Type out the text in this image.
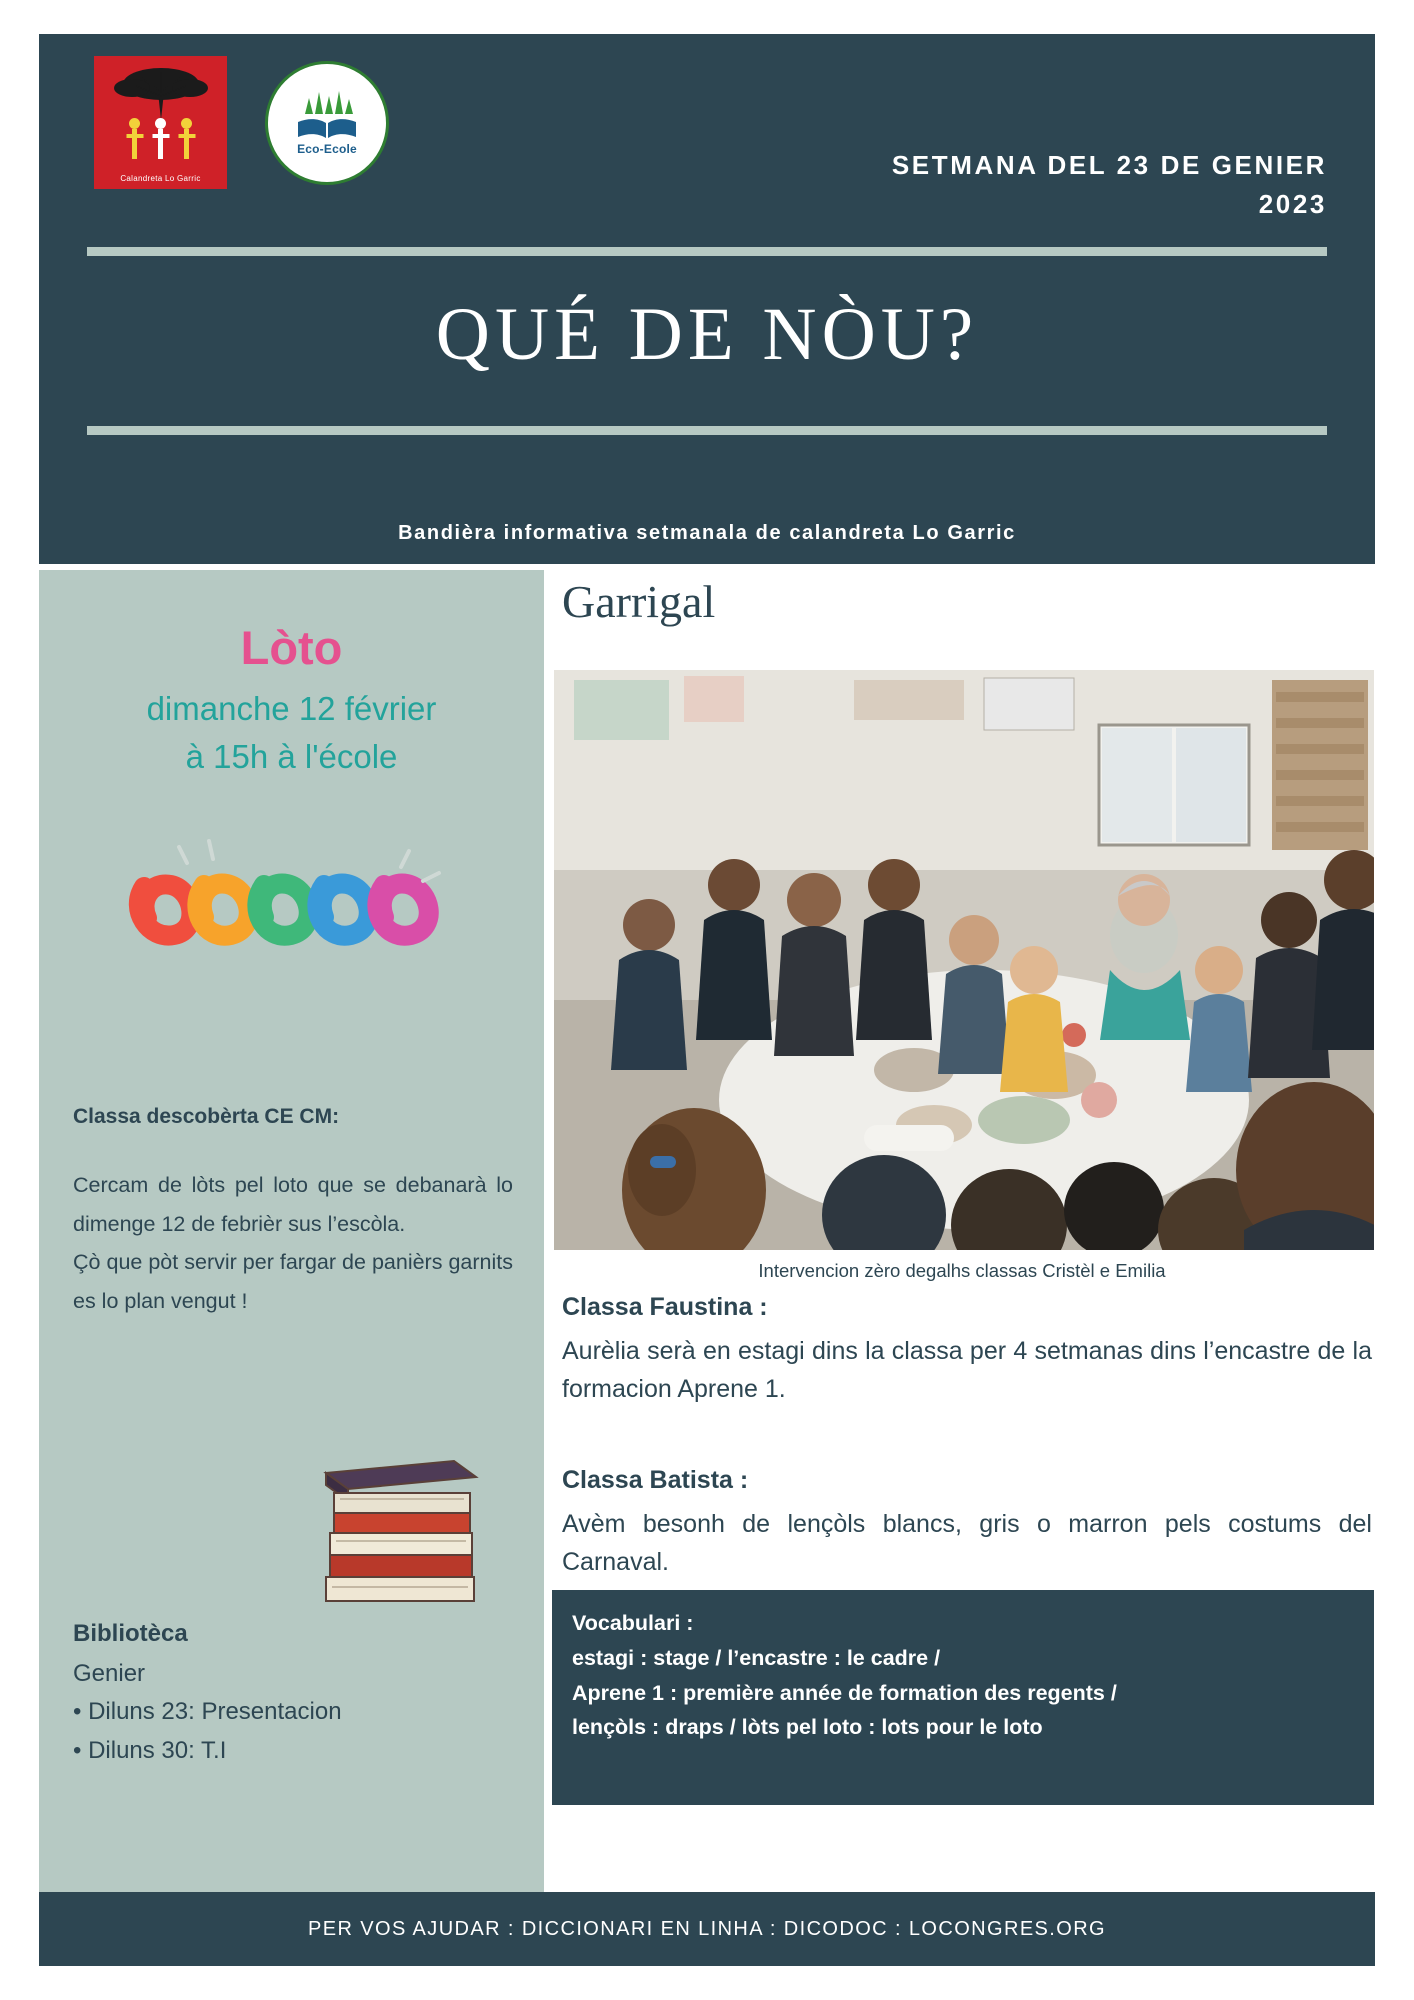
Calandreta Lo Garric
Eco-Ecole
SETMANA DEL 23 DE GENIER
2023
QUÉ DE NÒU?
Bandièra informativa setmanala de calandreta Lo Garric
Lòto
dimanche 12 février
à 15h à l'école
Classa descobèrta CE CM:
Cercam de lòts pel loto que se debanarà lo dimenge 12 de febrièr sus l’escòla.
Çò que pòt servir per fargar de panièrs garnits es lo plan vengut !
Bibliotèca
Genier
• Diluns 23: Presentacion
• Diluns 30: T.I
Garrigal
Intervencion zèro degalhs classas Cristèl e Emilia
Classa Faustina :
Aurèlia serà en estagi dins la classa per 4 setmanas dins l’encastre de la formacion Aprene 1.
Classa Batista :
Avèm besonh de lençòls blancs, gris o marron pels costums del Carnaval.
Vocabulari :
estagi : stage / l’encastre : le cadre /
Aprene 1 : première année de formation des regents /
lençòls : draps / lòts pel loto : lots pour le loto
PER VOS AJUDAR : DICCIONARI EN LINHA : DICODOC : LOCONGRES.ORG
